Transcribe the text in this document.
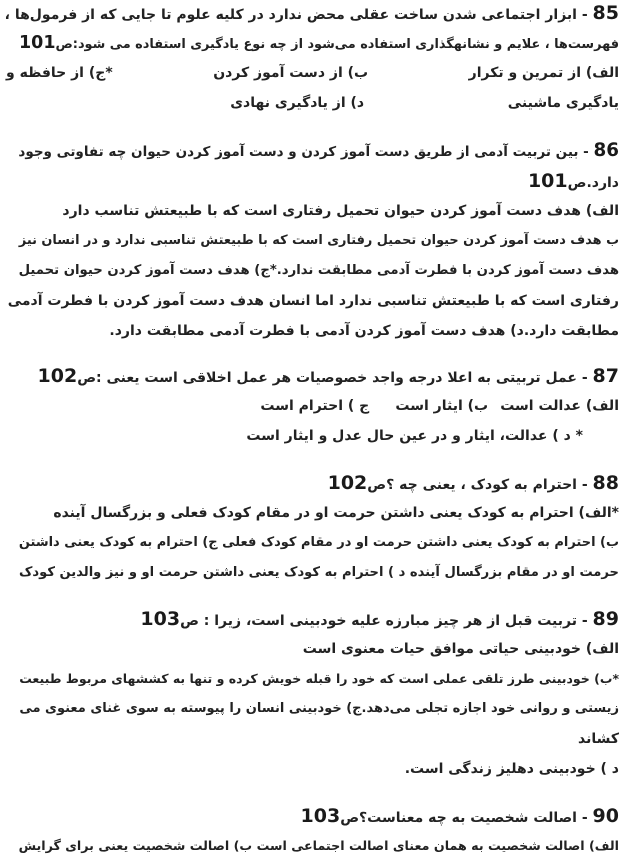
85 - ابزار اجتماعی شدن ساخت عقلی محض ندارد در کلیه علوم تا جایی که از فرمول‌ها ،
فهرست‌ها ، علایم و نشانهگذاری استفاده می‌شود از چه نوع یادگیری استفاده می شود:ص101
الف) از تمرین و تکرار
ب) از دست آموز کردن
*ج) از حافظه و
یادگیری ماشینی د) از یادگیری نهادی
86 - بین تربیت آدمی از طریق دست آموز کردن و دست آموز کردن حیوان چه تفاوتی وجود
دارد.ص101
الف) هدف دست آموز کردن حیوان تحمیل رفتاری است که با طبیعتش تناسب دارد
ب هدف دست آموز کردن حیوان تحمیل رفتاری است که با طبیعتش تناسبی ندارد و در انسان نیز
هدف دست آموز کردن با فطرت آدمی مطابقت ندارد.*ج) هدف دست آموز کردن حیوان تحمیل
رفتاری است که با طبیعتش تناسبی ندارد اما انسان هدف دست آموز کردن با فطرت آدمی
مطابقت دارد.د) هدف دست آموز کردن آدمی با فطرت آدمی مطابقت دارد.
87 - عمل تربیتی به اعلا درجه واجد خصوصیات هر عمل اخلاقی است یعنی :ص102
الف) عدالت است ب) ایثار است ج ) احترام است
* د ) عدالت، ایثار و در عین حال عدل و ایثار است
88 - احترام به کودک ، یعنی چه ؟ص102
*الف) احترام به کودک یعنی داشتن حرمت او در مقام کودک فعلی و بزرگسال آینده
ب) احترام به کودک یعنی داشتن حرمت او در مقام کودک فعلی ج) احترام به کودک یعنی داشتن
حرمت او در مقام بزرگسال آینده د ) احترام به کودک یعنی داشتن حرمت او و نیز والدین کودک
89 - تربیت قبل از هر چیز مبارزه علیه خودبینی است، زیرا : ص103
الف) خودبینی حیاتی موافق حیات معنوی است
*ب) خودبینی طرز تلقی عملی است که خود را قبله خویش کرده و تنها به کششهای مربوط طبیعت
زیستی و روانی خود اجازه تجلی می‌دهد.ج) خودبینی انسان را پیوسته به سوی غنای معنوی می
کشاند
د ) خودبینی دهلیز زندگی است.
90 - اصالت شخصیت به چه معناست؟ص103
الف) اصالت شخصیت به همان معنای اصالت اجتماعی است ب) اصالت شخصیت یعنی برای گرایش
